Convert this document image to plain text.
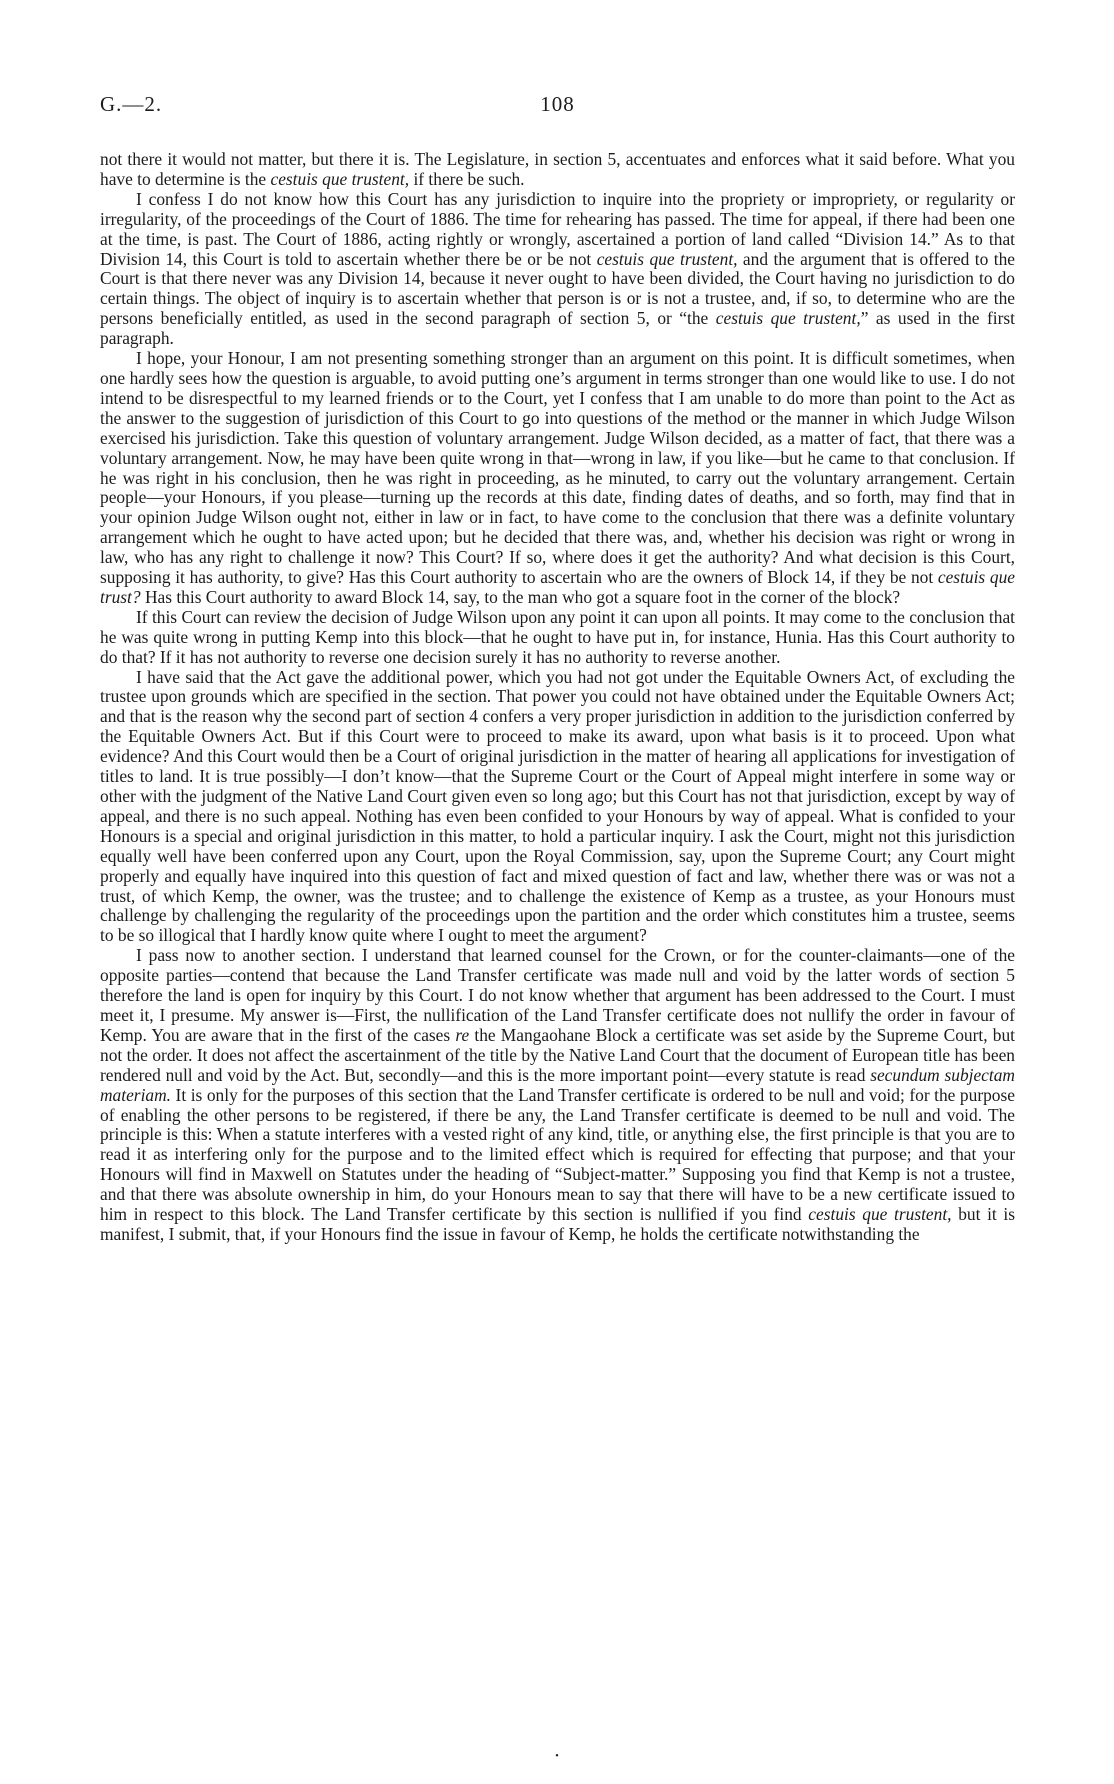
G.—2.	108

not there it would not matter, but there it is. The Legislature, in section 5, accentuates and enforces what it said before. What you have to determine is the cestuis que trustent, if there be such.

I confess I do not know how this Court has any jurisdiction to inquire into the propriety or impropriety, or regularity or irregularity, of the proceedings of the Court of 1886. The time for rehearing has passed. The time for appeal, if there had been one at the time, is past. The Court of 1886, acting rightly or wrongly, ascertained a portion of land called “Division 14.” As to that Division 14, this Court is told to ascertain whether there be or be not cestuis que trustent, and the argument that is offered to the Court is that there never was any Division 14, because it never ought to have been divided, the Court having no jurisdiction to do certain things. The object of inquiry is to ascertain whether that person is or is not a trustee, and, if so, to determine who are the persons beneficially entitled, as used in the second paragraph of section 5, or “the cestuis que trustent,” as used in the first paragraph.

I hope, your Honour, I am not presenting something stronger than an argument on this point. It is difficult sometimes, when one hardly sees how the question is arguable, to avoid putting one’s argument in terms stronger than one would like to use. I do not intend to be disrespectful to my learned friends or to the Court, yet I confess that I am unable to do more than point to the Act as the answer to the suggestion of jurisdiction of this Court to go into questions of the method or the manner in which Judge Wilson exercised his jurisdiction. Take this question of voluntary arrangement. Judge Wilson decided, as a matter of fact, that there was a voluntary arrangement. Now, he may have been quite wrong in that—wrong in law, if you like—but he came to that conclusion. If he was right in his conclusion, then he was right in proceeding, as he minuted, to carry out the voluntary arrangement. Certain people—your Honours, if you please—turning up the records at this date, finding dates of deaths, and so forth, may find that in your opinion Judge Wilson ought not, either in law or in fact, to have come to the conclusion that there was a definite voluntary arrangement which he ought to have acted upon; but he decided that there was, and, whether his decision was right or wrong in law, who has any right to challenge it now? This Court? If so, where does it get the authority? And what decision is this Court, supposing it has authority, to give? Has this Court authority to ascertain who are the owners of Block 14, if they be not cestuis que trust? Has this Court authority to award Block 14, say, to the man who got a square foot in the corner of the block?

If this Court can review the decision of Judge Wilson upon any point it can upon all points. It may come to the conclusion that he was quite wrong in putting Kemp into this block—that he ought to have put in, for instance, Hunia. Has this Court authority to do that? If it has not authority to reverse one decision surely it has no authority to reverse another.

I have said that the Act gave the additional power, which you had not got under the Equitable Owners Act, of excluding the trustee upon grounds which are specified in the section. That power you could not have obtained under the Equitable Owners Act; and that is the reason why the second part of section 4 confers a very proper jurisdiction in addition to the jurisdiction conferred by the Equitable Owners Act. But if this Court were to proceed to make its award, upon what basis is it to proceed. Upon what evidence? And this Court would then be a Court of original jurisdiction in the matter of hearing all applications for investigation of titles to land. It is true possibly—I don’t know—that the Supreme Court or the Court of Appeal might interfere in some way or other with the judgment of the Native Land Court given even so long ago; but this Court has not that jurisdiction, except by way of appeal, and there is no such appeal. Nothing has even been confided to your Honours by way of appeal. What is confided to your Honours is a special and original jurisdiction in this matter, to hold a particular inquiry. I ask the Court, might not this jurisdiction equally well have been conferred upon any Court, upon the Royal Commission, say, upon the Supreme Court; any Court might properly and equally have inquired into this question of fact and mixed question of fact and law, whether there was or was not a trust, of which Kemp, the owner, was the trustee; and to challenge the existence of Kemp as a trustee, as your Honours must challenge by challenging the regularity of the proceedings upon the partition and the order which constitutes him a trustee, seems to be so illogical that I hardly know quite where I ought to meet the argument?

I pass now to another section. I understand that learned counsel for the Crown, or for the counter-claimants—one of the opposite parties—contend that because the Land Transfer certificate was made null and void by the latter words of section 5 therefore the land is open for inquiry by this Court. I do not know whether that argument has been addressed to the Court. I must meet it, I presume. My answer is—First, the nullification of the Land Transfer certificate does not nullify the order in favour of Kemp. You are aware that in the first of the cases re the Mangaohane Block a certificate was set aside by the Supreme Court, but not the order. It does not affect the ascertainment of the title by the Native Land Court that the document of European title has been rendered null and void by the Act. But, secondly—and this is the more important point—every statute is read secundum subjectam materiam. It is only for the purposes of this section that the Land Transfer certificate is ordered to be null and void; for the purpose of enabling the other persons to be registered, if there be any, the Land Transfer certificate is deemed to be null and void. The principle is this: When a statute interferes with a vested right of any kind, title, or anything else, the first principle is that you are to read it as interfering only for the purpose and to the limited effect which is required for effecting that purpose; and that your Honours will find in Maxwell on Statutes under the heading of “Subject-matter.” Supposing you find that Kemp is not a trustee, and that there was absolute ownership in him, do your Honours mean to say that there will have to be a new certificate issued to him in respect to this block. The Land Transfer certificate by this section is nullified if you find cestuis que trustent, but it is manifest, I submit, that, if your Honours find the issue in favour of Kemp, he holds the certificate notwithstanding the

•
